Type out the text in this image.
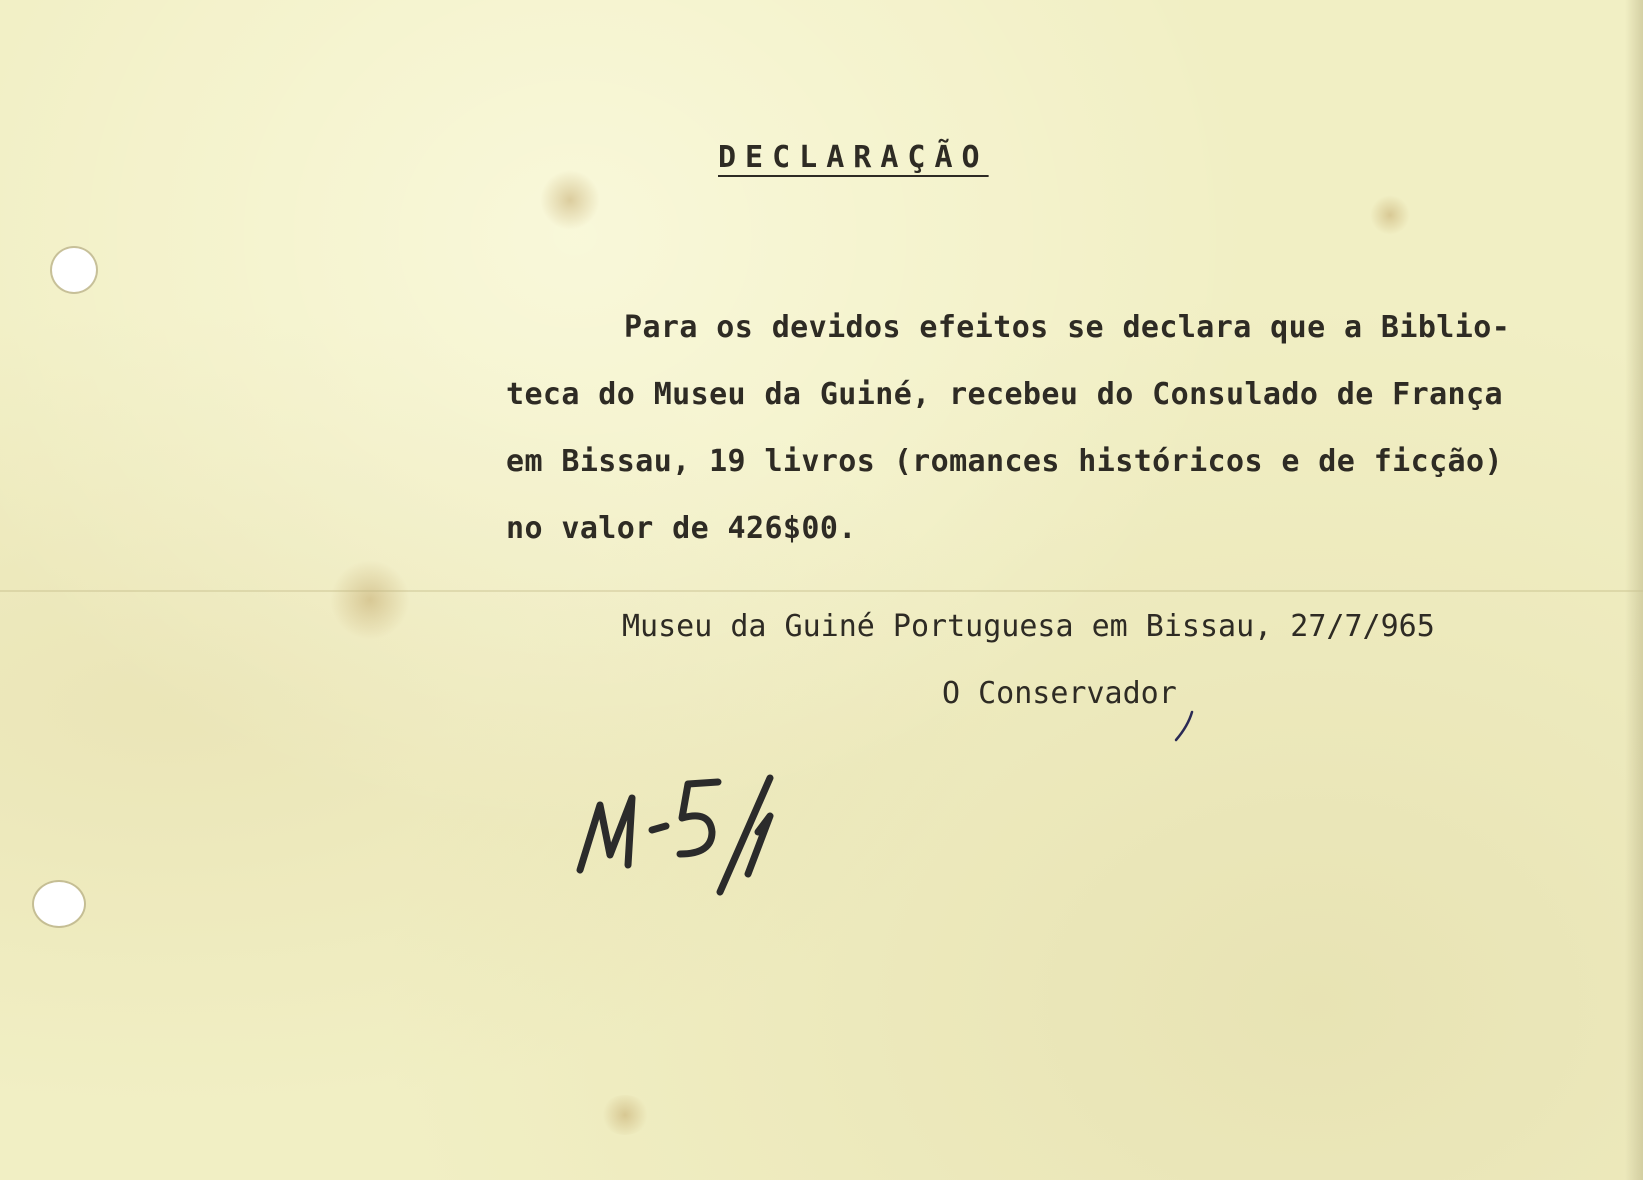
DECLARAÇÃO
Para os devidos efeitos se declara que a Biblio-
teca do Museu da Guiné, recebeu do Consulado de França
em Bissau, 19 livros (romances históricos e de ficção)
no valor de 426$00.
Museu da Guiné Portuguesa em Bissau, 27/7/965
O Conservador
